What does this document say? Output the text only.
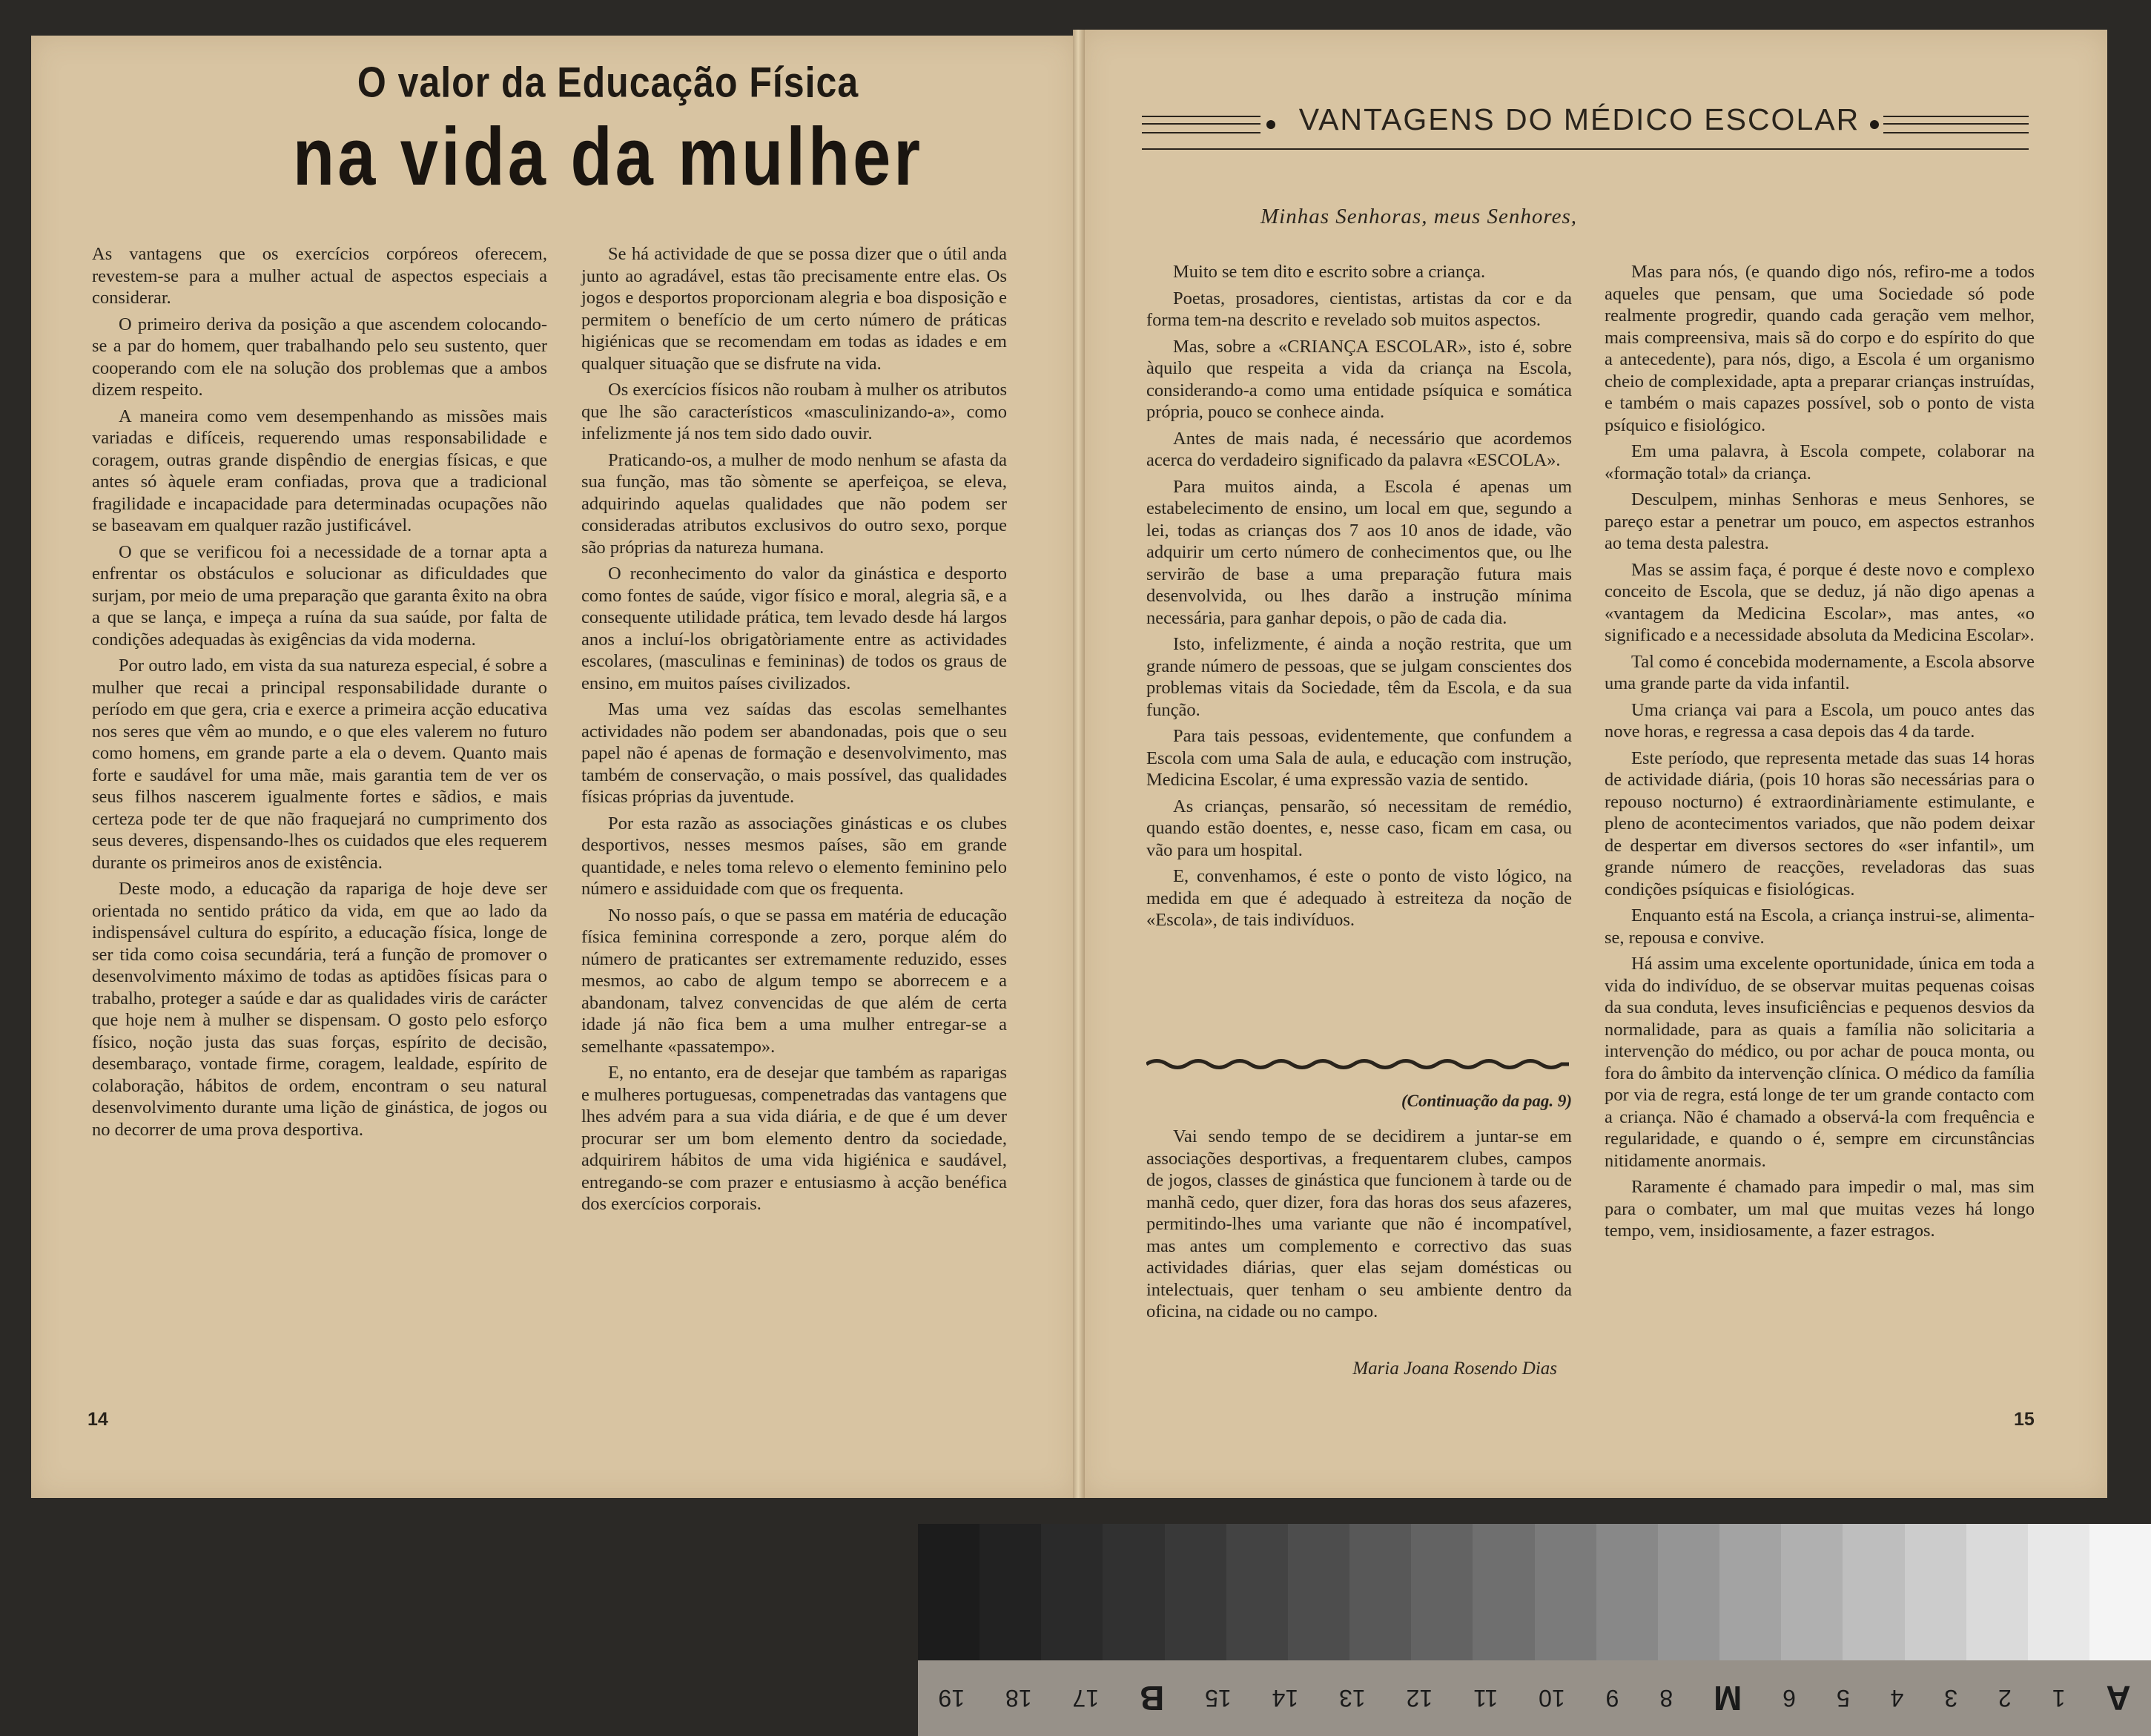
O valor da Educação Física
na vida da mulher

As vantagens que os exercícios corpóreos oferecem, revestem-se para a mulher actual de aspectos especiais a considerar.

O primeiro deriva da posição a que ascendem colocando-se a par do homem, quer trabalhando pelo seu sustento, quer cooperando com ele na solução dos problemas que a ambos dizem respeito.

A maneira como vem desempenhando as missões mais variadas e difíceis, requerendo umas responsabilidade e coragem, outras grande dispêndio de energias físicas, e que antes só àquele eram confiadas, prova que a tradicional fragilidade e incapacidade para determinadas ocupações não se baseavam em qualquer razão justificável.

O que se verificou foi a necessidade de a tornar apta a enfrentar os obstáculos e solucionar as dificuldades que surjam, por meio de uma preparação que garanta êxito na obra a que se lança, e impeça a ruína da sua saúde, por falta de condições adequadas às exigências da vida moderna.

Por outro lado, em vista da sua natureza especial, é sobre a mulher que recai a principal responsabilidade durante o período em que gera, cria e exerce a primeira acção educativa nos seres que vêm ao mundo, e o que eles valerem no futuro como homens, em grande parte a ela o devem. Quanto mais forte e saudável for uma mãe, mais garantia tem de ver os seus filhos nascerem igualmente fortes e sãdios, e mais certeza pode ter de que não fraquejará no cumprimento dos seus deveres, dispensando-lhes os cuidados que eles requerem durante os primeiros anos de existência.

Deste modo, a educação da rapariga de hoje deve ser orientada no sentido prático da vida, em que ao lado da indispensável cultura do espírito, a educação física, longe de ser tida como coisa secundária, terá a função de promover o desenvolvimento máximo de todas as aptidões físicas para o trabalho, proteger a saúde e dar as qualidades viris de carácter que hoje nem à mulher se dispensam. O gosto pelo esforço físico, noção justa das suas forças, espírito de decisão, desembaraço, vontade firme, coragem, lealdade, espírito de colaboração, hábitos de ordem, encontram o seu natural desenvolvimento durante uma lição de ginástica, de jogos ou no decorrer de uma prova desportiva.

Se há actividade de que se possa dizer que o útil anda junto ao agradável, estas tão precisamente entre elas. Os jogos e desportos proporcionam alegria e boa disposição e permitem o benefício de um certo número de práticas higiénicas que se recomendam em todas as idades e em qualquer situação que se disfrute na vida.

Os exercícios físicos não roubam à mulher os atributos que lhe são característicos «masculinizando-a», como infelizmente já nos tem sido dado ouvir.

Praticando-os, a mulher de modo nenhum se afasta da sua função, mas tão sòmente se aperfeiçoa, se eleva, adquirindo aquelas qualidades que não podem ser consideradas atributos exclusivos do outro sexo, porque são próprias da natureza humana.

O reconhecimento do valor da ginástica e desporto como fontes de saúde, vigor físico e moral, alegria sã, e a consequente utilidade prática, tem levado desde há largos anos a incluí-los obrigatòriamente entre as actividades escolares, (masculinas e femininas) de todos os graus de ensino, em muitos países civilizados.

Mas uma vez saídas das escolas semelhantes actividades não podem ser abandonadas, pois que o seu papel não é apenas de formação e desenvolvimento, mas também de conservação, o mais possível, das qualidades físicas próprias da juventude.

Por esta razão as associações ginásticas e os clubes desportivos, nesses mesmos países, são em grande quantidade, e neles toma relevo o elemento feminino pelo número e assiduidade com que os frequenta.

No nosso país, o que se passa em matéria de educação física feminina corresponde a zero, porque além do número de praticantes ser extremamente reduzido, esses mesmos, ao cabo de algum tempo se aborrecem e a abandonam, talvez convencidas de que além de certa idade já não fica bem a uma mulher entregar-se a semelhante «passatempo».

E, no entanto, era de desejar que também as raparigas e mulheres portuguesas, compenetradas das vantagens que lhes advém para a sua vida diária, e de que é um dever procurar ser um bom elemento dentro da sociedade, adquirirem hábitos de uma vida higiénica e saudável, entregando-se com prazer e entusiasmo à acção benéfica dos exercícios corporais.

14
VANTAGENS DO MÉDICO ESCOLAR
Minhas Senhoras, meus Senhores,

Muito se tem dito e escrito sobre a criança.

Poetas, prosadores, cientistas, artistas da cor e da forma tem-na descrito e revelado sob muitos aspectos.

Mas, sobre a «CRIANÇA ESCOLAR», isto é, sobre àquilo que respeita a vida da criança na Escola, considerando-a como uma entidade psíquica e somática própria, pouco se conhece ainda.

Antes de mais nada, é necessário que acordemos acerca do verdadeiro significado da palavra «ESCOLA».

Para muitos ainda, a Escola é apenas um estabelecimento de ensino, um local em que, segundo a lei, todas as crianças dos 7 aos 10 anos de idade, vão adquirir um certo número de conhecimentos que, ou lhe servirão de base a uma preparação futura mais desenvolvida, ou lhes darão a instrução mínima necessária, para ganhar depois, o pão de cada dia.

Isto, infelizmente, é ainda a noção restrita, que um grande número de pessoas, que se julgam conscientes dos problemas vitais da Sociedade, têm da Escola, e da sua função.

Para tais pessoas, evidentemente, que confundem a Escola com uma Sala de aula, e educação com instrução, Medicina Escolar, é uma expressão vazia de sentido.

As crianças, pensarão, só necessitam de remédio, quando estão doentes, e, nesse caso, ficam em casa, ou vão para um hospital.

E, convenhamos, é este o ponto de visto lógico, na medida em que é adequado à estreiteza da noção de «Escola», de tais indivíduos.

(Continuação da pag. 9)

Vai sendo tempo de se decidirem a juntar-se em associações desportivas, a frequentarem clubes, campos de jogos, classes de ginástica que funcionem à tarde ou de manhã cedo, quer dizer, fora das horas dos seus afazeres, permitindo-lhes uma variante que não é incompatível, mas antes um complemento e correctivo das suas actividades diárias, quer elas sejam domésticas ou intelectuais, quer tenham o seu ambiente dentro da oficina, na cidade ou no campo.

Maria Joana Rosendo Dias

Mas para nós, (e quando digo nós, refiro-me a todos aqueles que pensam, que uma Sociedade só pode realmente progredir, quando cada geração vem melhor, mais compreensiva, mais sã do corpo e do espírito do que a antecedente), para nós, digo, a Escola é um organismo cheio de complexidade, apta a preparar crianças instruídas, e também o mais capazes possível, sob o ponto de vista psíquico e fisiológico.

Em uma palavra, à Escola compete, colaborar na «formação total» da criança.

Desculpem, minhas Senhoras e meus Senhores, se pareço estar a penetrar um pouco, em aspectos estranhos ao tema desta palestra.

Mas se assim faça, é porque é deste novo e complexo conceito de Escola, que se deduz, já não digo apenas a «vantagem da Medicina Escolar», mas antes, «o significado e a necessidade absoluta da Medicina Escolar».

Tal como é concebida modernamente, a Escola absorve uma grande parte da vida infantil.

Uma criança vai para a Escola, um pouco antes das nove horas, e regressa a casa depois das 4 da tarde.

Este período, que representa metade das suas 14 horas de actividade diária, (pois 10 horas são necessárias para o repouso nocturno) é extraordinàriamente estimulante, e pleno de acontecimentos variados, que não podem deixar de despertar em diversos sectores do «ser infantil», um grande número de reacções, reveladoras das suas condições psíquicas e fisiológicas.

Enquanto está na Escola, a criança instrui-se, alimenta-se, repousa e convive.

Há assim uma excelente oportunidade, única em toda a vida do indivíduo, de se observar muitas pequenas coisas da sua conduta, leves insuficiências e pequenos desvios da normalidade, para as quais a família não solicitaria a intervenção do médico, ou por achar de pouca monta, ou fora do âmbito da intervenção clínica. O médico da família por via de regra, está longe de ter um grande contacto com a criança. Não é chamado a observá-la com frequência e regularidade, e quando o é, sempre em circunstâncias nitidamente anormais.

Raramente é chamado para impedir o mal, mas sim para o combater, um mal que muitas vezes há longo tempo, vem, insidiosamente, a fazer estragos.

15
A
1
2
3
4
5
6
M
8
9
10
11
12
13
14
15
B
17
18
19
